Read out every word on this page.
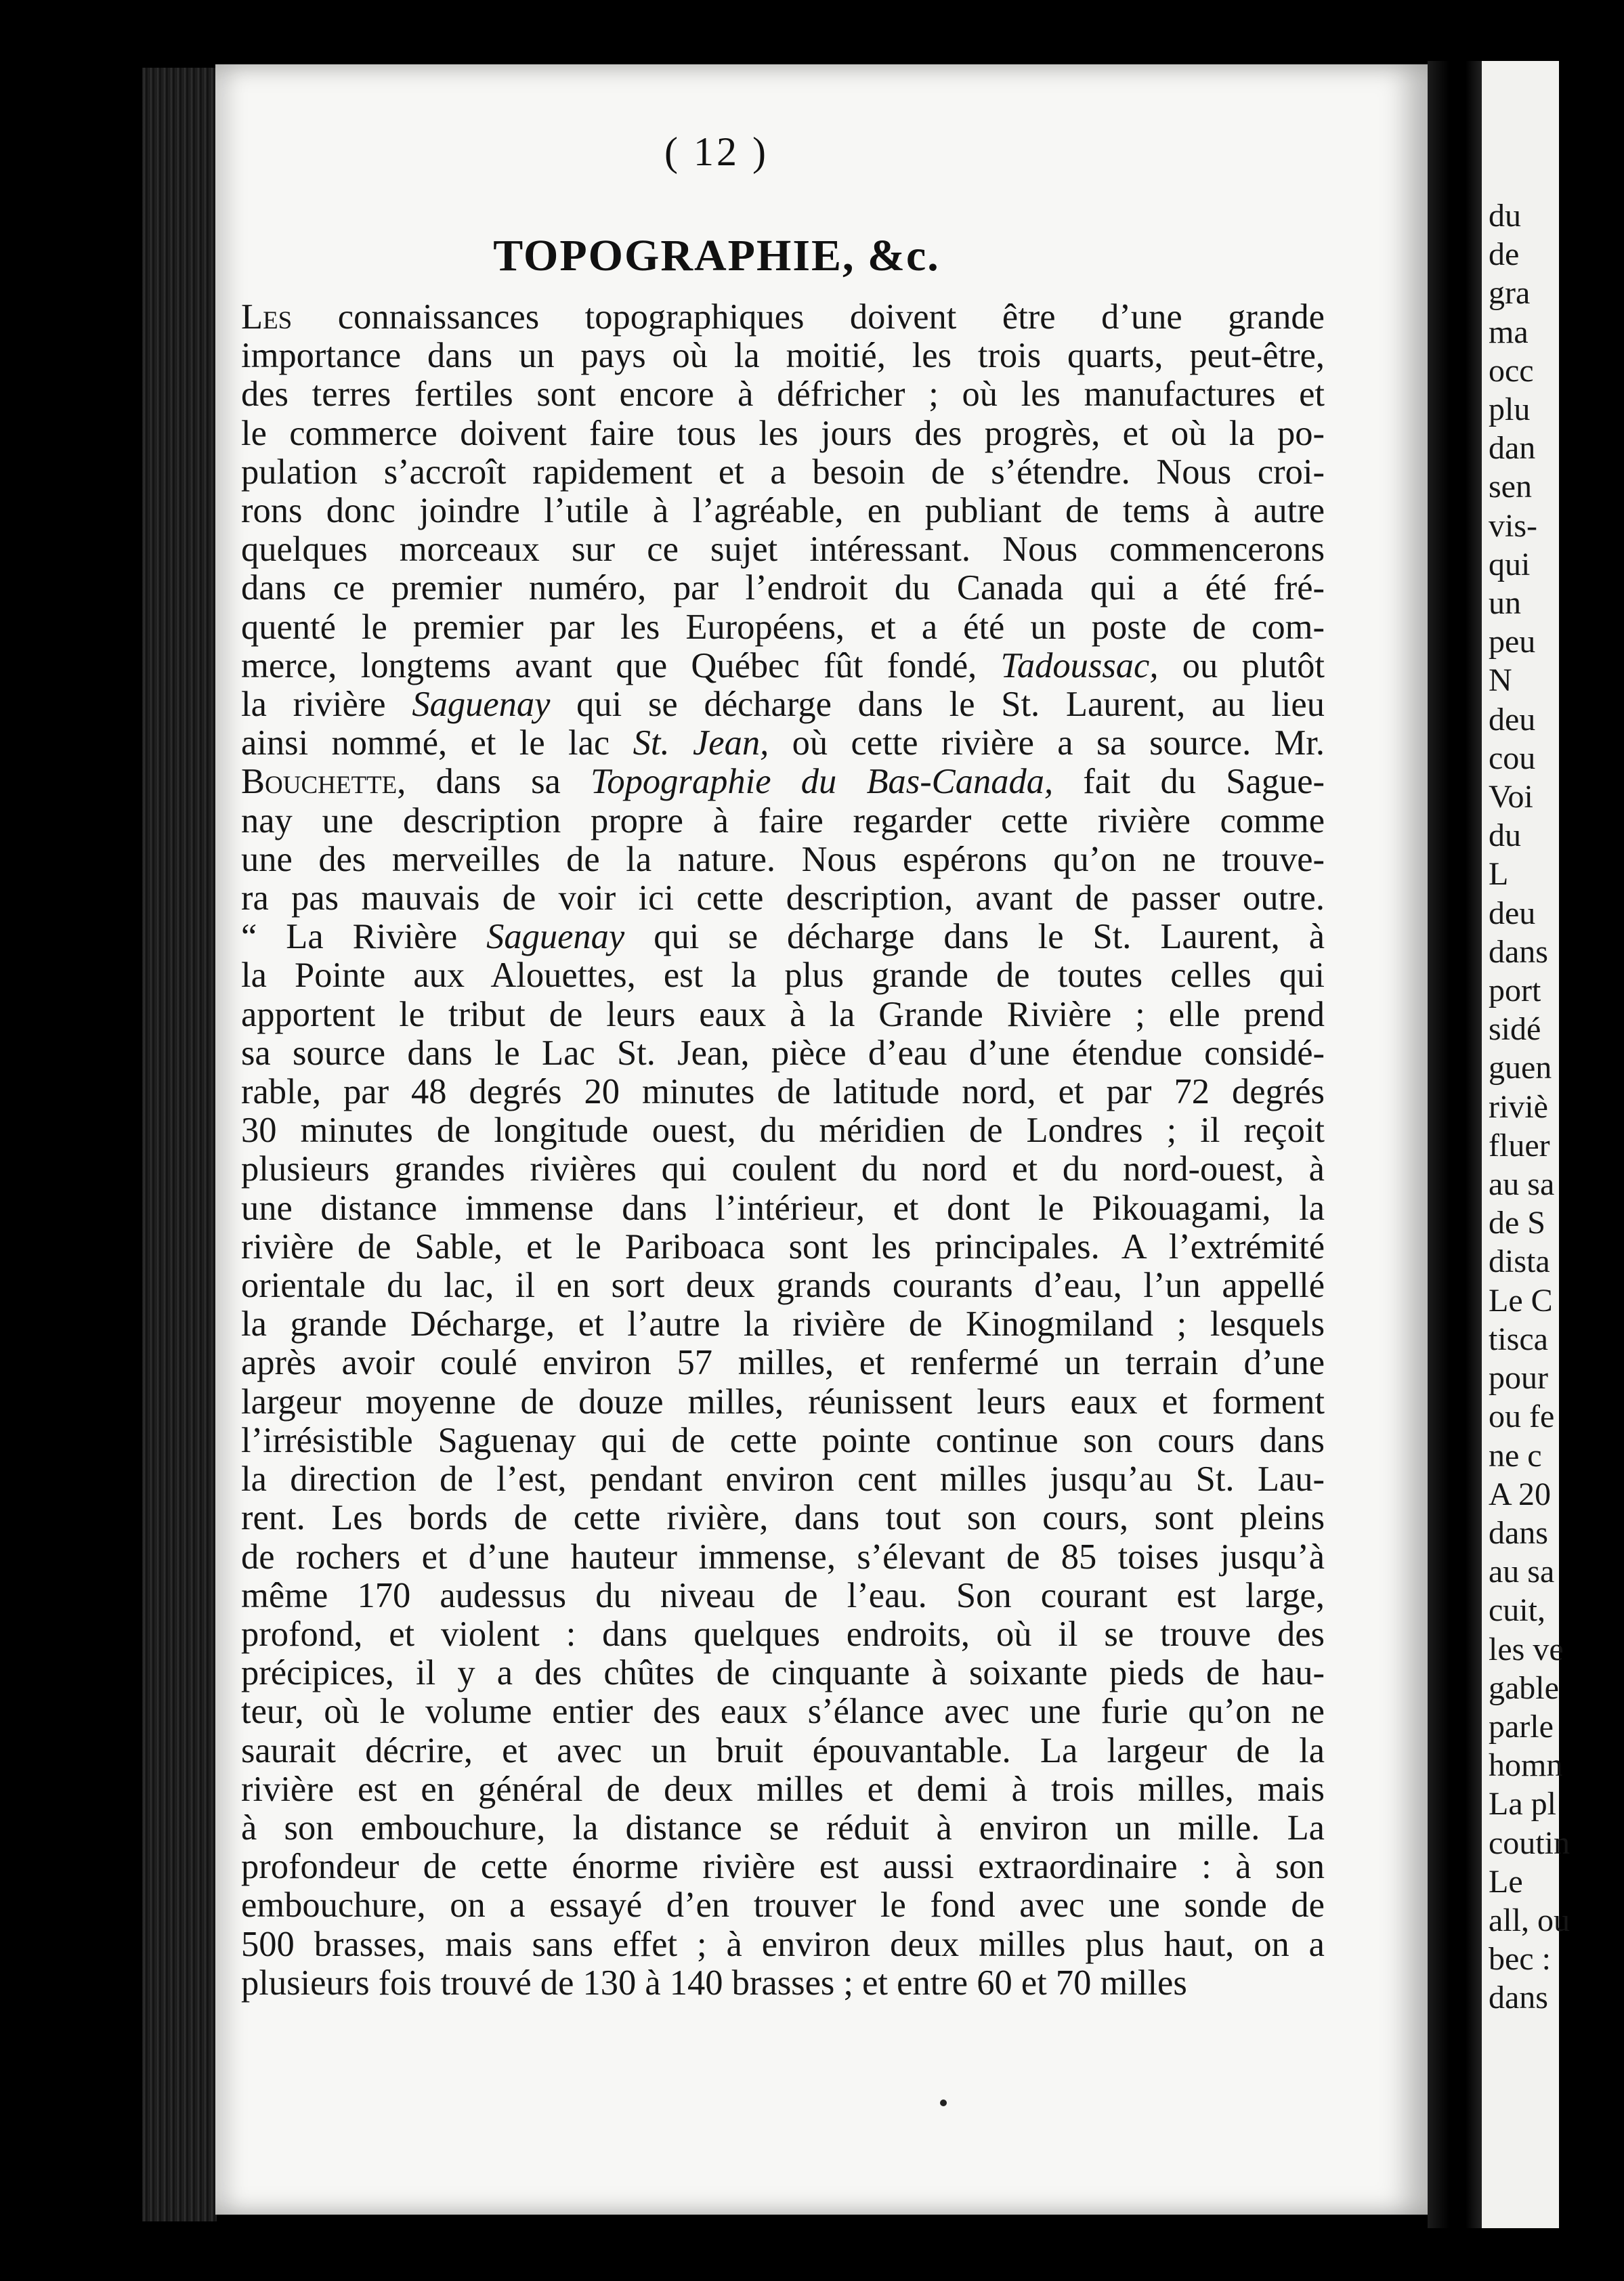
( 12 )
TOPOGRAPHIE, &c.
Les connaissances topographiques doivent être d’une grande
importance dans un pays où la moitié, les trois quarts, peut-être,
des terres fertiles sont encore à défricher ; où les manufactures et
le commerce doivent faire tous les jours des progrès, et où la po-
pulation s’accroît rapidement et a besoin de s’étendre. Nous croi-
rons donc joindre l’utile à l’agréable, en publiant de tems à autre
quelques morceaux sur ce sujet intéressant. Nous commencerons
dans ce premier numéro, par l’endroit du Canada qui a été fré-
quenté le premier par les Européens, et a été un poste de com-
merce, longtems avant que Québec fût fondé, Tadoussac, ou plutôt
la rivière Saguenay qui se décharge dans le St. Laurent, au lieu
ainsi nommé, et le lac St. Jean, où cette rivière a sa source. Mr.
Bouchette, dans sa Topographie du Bas-Canada, fait du Sague-
nay une description propre à faire regarder cette rivière comme
une des merveilles de la nature. Nous espérons qu’on ne trouve-
ra pas mauvais de voir ici cette description, avant de passer outre.
“ La Rivière Saguenay qui se décharge dans le St. Laurent, à
la Pointe aux Alouettes, est la plus grande de toutes celles qui
apportent le tribut de leurs eaux à la Grande Rivière ; elle prend
sa source dans le Lac St. Jean, pièce d’eau d’une étendue considé-
rable, par 48 degrés 20 minutes de latitude nord, et par 72 degrés
30 minutes de longitude ouest, du méridien de Londres ; il reçoit
plusieurs grandes rivières qui coulent du nord et du nord-ouest, à
une distance immense dans l’intérieur, et dont le Pikouagami, la
rivière de Sable, et le Pariboaca sont les principales. A l’extrémité
orientale du lac, il en sort deux grands courants d’eau, l’un appellé
la grande Décharge, et l’autre la rivière de Kinogmiland ; lesquels
après avoir coulé environ 57 milles, et renfermé un terrain d’une
largeur moyenne de douze milles, réunissent leurs eaux et forment
l’irrésistible Saguenay qui de cette pointe continue son cours dans
la direction de l’est, pendant environ cent milles jusqu’au St. Lau-
rent. Les bords de cette rivière, dans tout son cours, sont pleins
de rochers et d’une hauteur immense, s’élevant de 85 toises jusqu’à
même 170 audessus du niveau de l’eau. Son courant est large,
profond, et violent : dans quelques endroits, où il se trouve des
précipices, il y a des chûtes de cinquante à soixante pieds de hau-
teur, où le volume entier des eaux s’élance avec une furie qu’on ne
saurait décrire, et avec un bruit épouvantable. La largeur de la
rivière est en général de deux milles et demi à trois milles, mais
à son embouchure, la distance se réduit à environ un mille. La
profondeur de cette énorme rivière est aussi extraordinaire : à son
embouchure, on a essayé d’en trouver le fond avec une sonde de
500 brasses, mais sans effet ; à environ deux milles plus haut, on a
plusieurs fois trouvé de 130 à 140 brasses ; et entre 60 et 70 milles
du
de
gra
ma
occ
plu
dan
sen
vis-
qui
un
peu
N
deu
cou
Voi
du
L
deu
dans
port
sidé
guen
riviè
fluer
au sa
de S
dista
Le C
tisca
pour
ou fe
ne c
A 20
dans
au sa
cuit,
les ve
gable
parle
homn
La pl
coutin
Le
all, ou
bec :
dans
